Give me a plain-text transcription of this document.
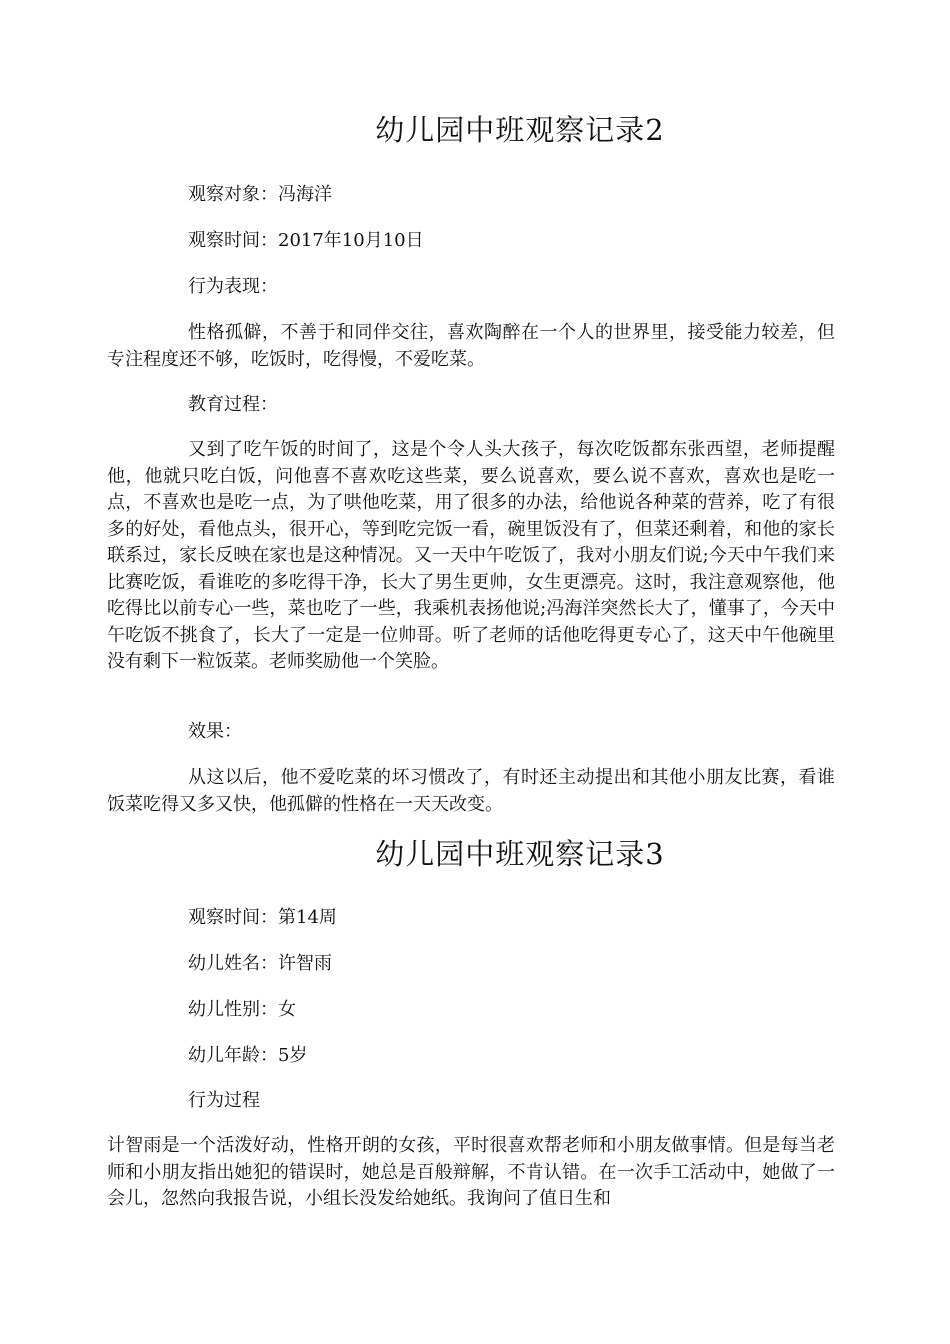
幼儿园中班观察记录2
观察对象：冯海洋
观察时间：2017年10月10日
行为表现：

性格孤僻，不善于和同伴交往，喜欢陶醉在一个人的世界里，接受能力较差，但专注程度还不够，吃饭时，吃得慢，不爱吃菜。

教育过程：

又到了吃午饭的时间了，这是个令人头大孩子，每次吃饭都东张西望，老师提醒他，他就只吃白饭，问他喜不喜欢吃这些菜，要么说喜欢，要么说不喜欢，喜欢也是吃一点，不喜欢也是吃一点，为了哄他吃菜，用了很多的办法，给他说各种菜的营养，吃了有很多的好处，看他点头，很开心，等到吃完饭一看，碗里饭没有了，但菜还剩着，和他的家长联系过，家长反映在家也是这种情况。又一天中午吃饭了，我对小朋友们说;今天中午我们来比赛吃饭，看谁吃的多吃得干净，长大了男生更帅，女生更漂亮。这时，我注意观察他，他吃得比以前专心一些，菜也吃了一些，我乘机表扬他说;冯海洋突然长大了，懂事了，今天中午吃饭不挑食了，长大了一定是一位帅哥。听了老师的话他吃得更专心了，这天中午他碗里没有剩下一粒饭菜。老师奖励他一个笑脸。

效果：

从这以后，他不爱吃菜的坏习惯改了，有时还主动提出和其他小朋友比赛，看谁饭菜吃得又多又快，他孤僻的性格在一天天改变。

幼儿园中班观察记录3
观察时间：第14周
幼儿姓名：许智雨
幼儿性别：女
幼儿年龄：5岁
行为过程

计智雨是一个活泼好动，性格开朗的女孩，平时很喜欢帮老师和小朋友做事情。但是每当老师和小朋友指出她犯的错误时，她总是百般辩解，不肯认错。在一次手工活动中，她做了一会儿，忽然向我报告说，小组长没发给她纸。我询问了值日生和
